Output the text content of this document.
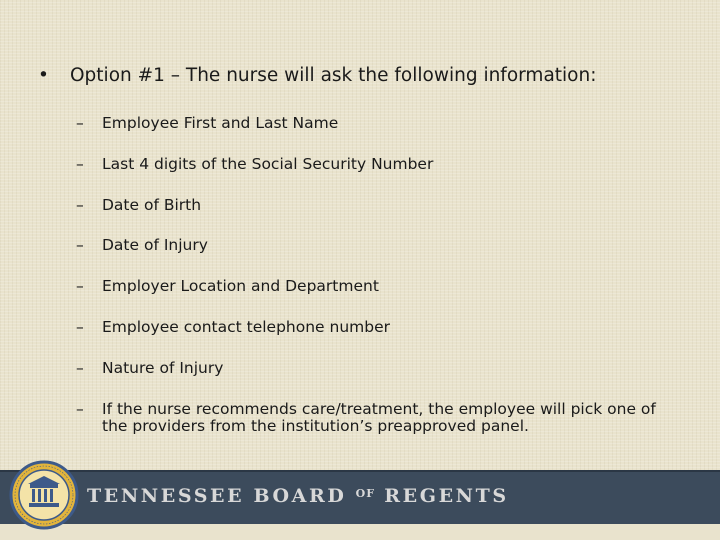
• Option #1 – The nurse will ask the following information:
– Employee First and Last Name
– Last 4 digits of the Social Security Number
– Date of Birth
– Date of Injury
– Employer Location and Department
– Employee contact telephone number
– Nature of Injury
– If the nurse recommends care/treatment, the employee will pick one of the providers from the institution’s preapproved panel.
TENNESSEE BOARD $^{OF}$ REGENTS
